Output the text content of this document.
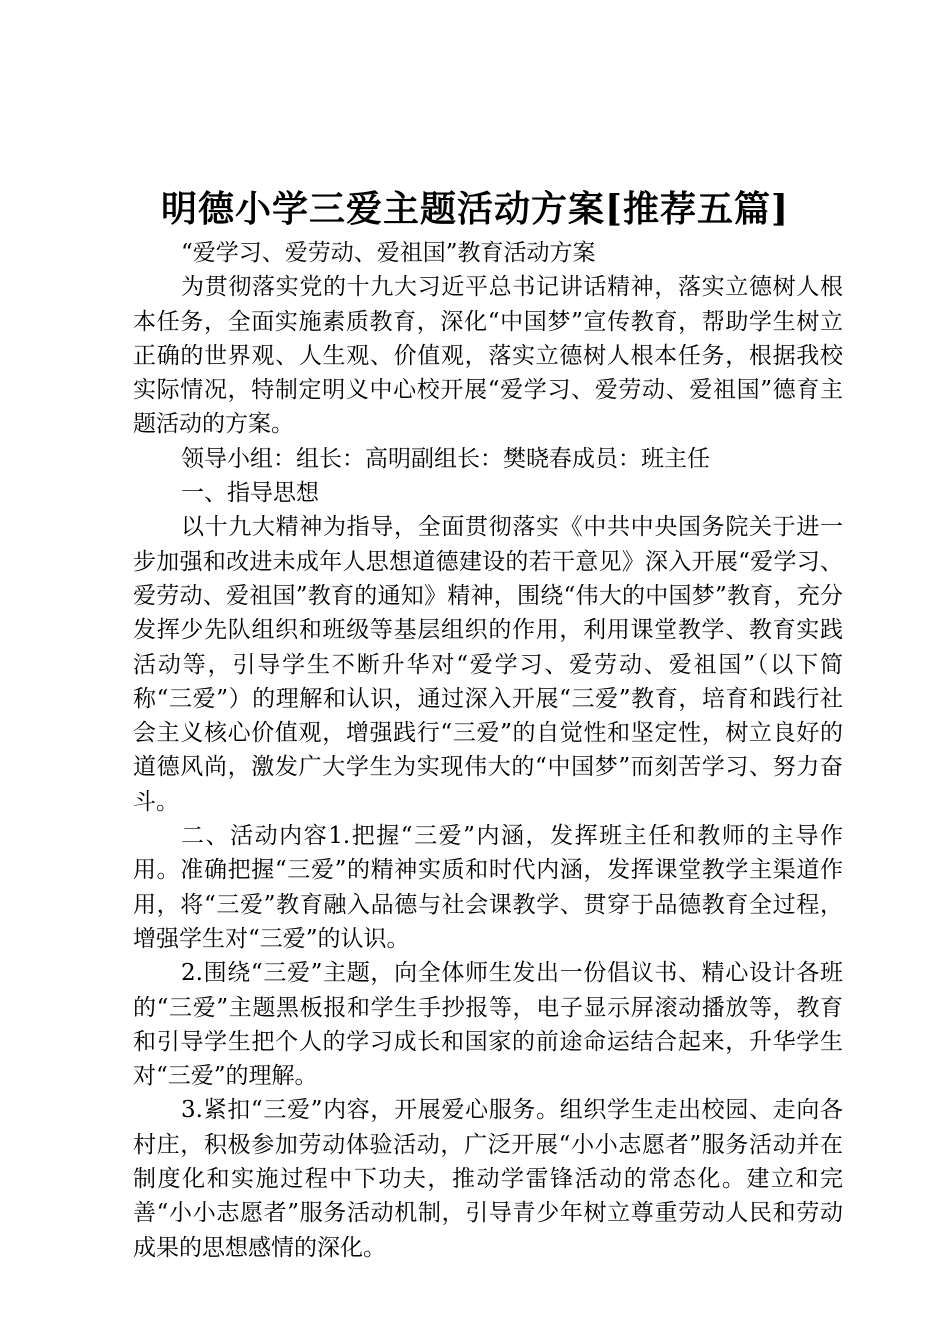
明德小学三爱主题活动方案[推荐五篇]

“爱学习、爱劳动、爱祖国”教育活动方案

为贯彻落实党的十九大习近平总书记讲话精神，落实立德树人根本任务，全面实施素质教育，深化“中国梦”宣传教育，帮助学生树立正确的世界观、人生观、价值观，落实立德树人根本任务，根据我校实际情况，特制定明义中心校开展“爱学习、爱劳动、爱祖国”德育主题活动的方案。

领导小组：组长：高明副组长：樊晓春成员：班主任

一、指导思想

以十九大精神为指导，全面贯彻落实《中共中央国务院关于进一步加强和改进未成年人思想道德建设的若干意见》深入开展“爱学习、爱劳动、爱祖国”教育的通知》精神，围绕“伟大的中国梦”教育，充分发挥少先队组织和班级等基层组织的作用，利用课堂教学、教育实践活动等，引导学生不断升华对“爱学习、爱劳动、爱祖国”（以下简称“三爱”）的理解和认识，通过深入开展“三爱”教育，培育和践行社会主义核心价值观，增强践行“三爱”的自觉性和坚定性，树立良好的道德风尚，激发广大学生为实现伟大的“中国梦”而刻苦学习、努力奋斗。

二、活动内容1.把握“三爱”内涵，发挥班主任和教师的主导作用。准确把握“三爱”的精神实质和时代内涵，发挥课堂教学主渠道作用，将“三爱”教育融入品德与社会课教学、贯穿于品德教育全过程，增强学生对“三爱”的认识。

2.围绕“三爱”主题，向全体师生发出一份倡议书、精心设计各班的“三爱”主题黑板报和学生手抄报等，电子显示屏滚动播放等，教育和引导学生把个人的学习成长和国家的前途命运结合起来，升华学生对“三爱”的理解。

3.紧扣“三爱”内容，开展爱心服务。组织学生走出校园、走向各村庄，积极参加劳动体验活动，广泛开展“小小志愿者”服务活动并在制度化和实施过程中下功夫，推动学雷锋活动的常态化。建立和完善“小小志愿者”服务活动机制，引导青少年树立尊重劳动人民和劳动成果的思想感情的深化。
